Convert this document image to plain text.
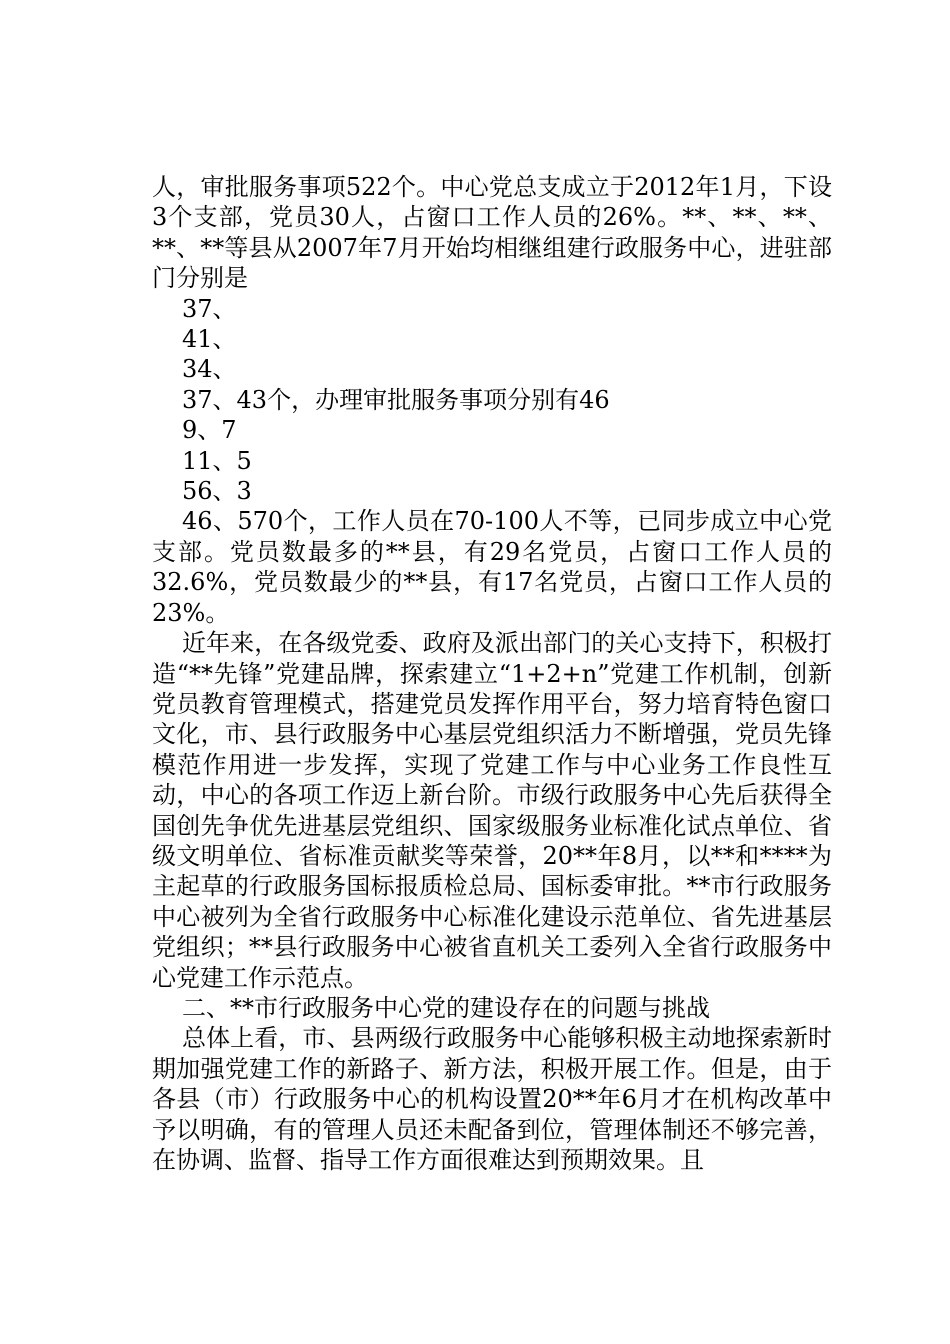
人，审批服务事项522个。中心党总支成立于2012年1月，下设3个支部，党员30人，占窗口工作人员的26%。**、**、**、**、**等县从2007年7月开始均相继组建行政服务中心，进驻部门分别是

37、

41、

34、

37、43个，办理审批服务事项分别有46

9、7

11、5

56、3

46、570个，工作人员在70-100人不等，已同步成立中心党支部。党员数最多的**县，有29名党员，占窗口工作人员的32.6%，党员数最少的**县，有17名党员，占窗口工作人员的23%。

近年来，在各级党委、政府及派出部门的关心支持下，积极打造“**先锋”党建品牌，探索建立“1+2+n”党建工作机制，创新党员教育管理模式，搭建党员发挥作用平台，努力培育特色窗口文化，市、县行政服务中心基层党组织活力不断增强，党员先锋模范作用进一步发挥，实现了党建工作与中心业务工作良性互动，中心的各项工作迈上新台阶。市级行政服务中心先后获得全国创先争优先进基层党组织、国家级服务业标准化试点单位、省级文明单位、省标准贡献奖等荣誉，20**年8月，以**和****为主起草的行政服务国标报质检总局、国标委审批。**市行政服务中心被列为全省行政服务中心标准化建设示范单位、省先进基层党组织；**县行政服务中心被省直机关工委列入全省行政服务中心党建工作示范点。

二、**市行政服务中心党的建设存在的问题与挑战

总体上看，市、县两级行政服务中心能够积极主动地探索新时期加强党建工作的新路子、新方法，积极开展工作。但是，由于各县（市）行政服务中心的机构设置20**年6月才在机构改革中予以明确，有的管理人员还未配备到位，管理体制还不够完善，在协调、监督、指导工作方面很难达到预期效果。且
